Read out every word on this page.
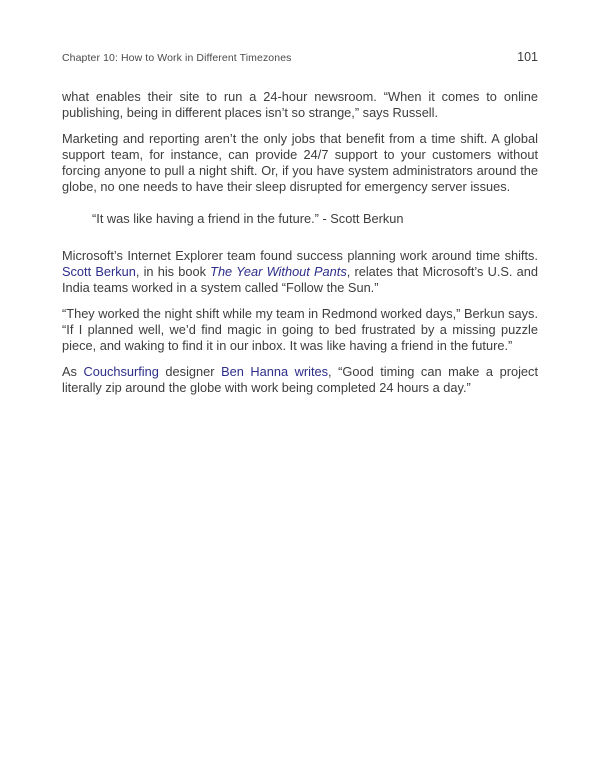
Chapter 10: How to Work in Different Timezones	101

what enables their site to run a 24-hour newsroom. “When it comes to online publishing, being in different places isn’t so strange,” says Russell.

Marketing and reporting aren’t the only jobs that benefit from a time shift. A global support team, for instance, can provide 24/7 support to your customers without forcing anyone to pull a night shift. Or, if you have system administrators around the globe, no one needs to have their sleep disrupted for emergency server issues.

“It was like having a friend in the future.” - Scott Berkun

Microsoft’s Internet Explorer team found success planning work around time shifts. Scott Berkun, in his book The Year Without Pants, relates that Microsoft’s U.S. and India teams worked in a system called “Follow the Sun.”

“They worked the night shift while my team in Redmond worked days,” Berkun says. “If I planned well, we’d find magic in going to bed frustrated by a missing puzzle piece, and waking to find it in our inbox. It was like having a friend in the future.”

As Couchsurfing designer Ben Hanna writes, “Good timing can make a project literally zip around the globe with work being completed 24 hours a day.”
